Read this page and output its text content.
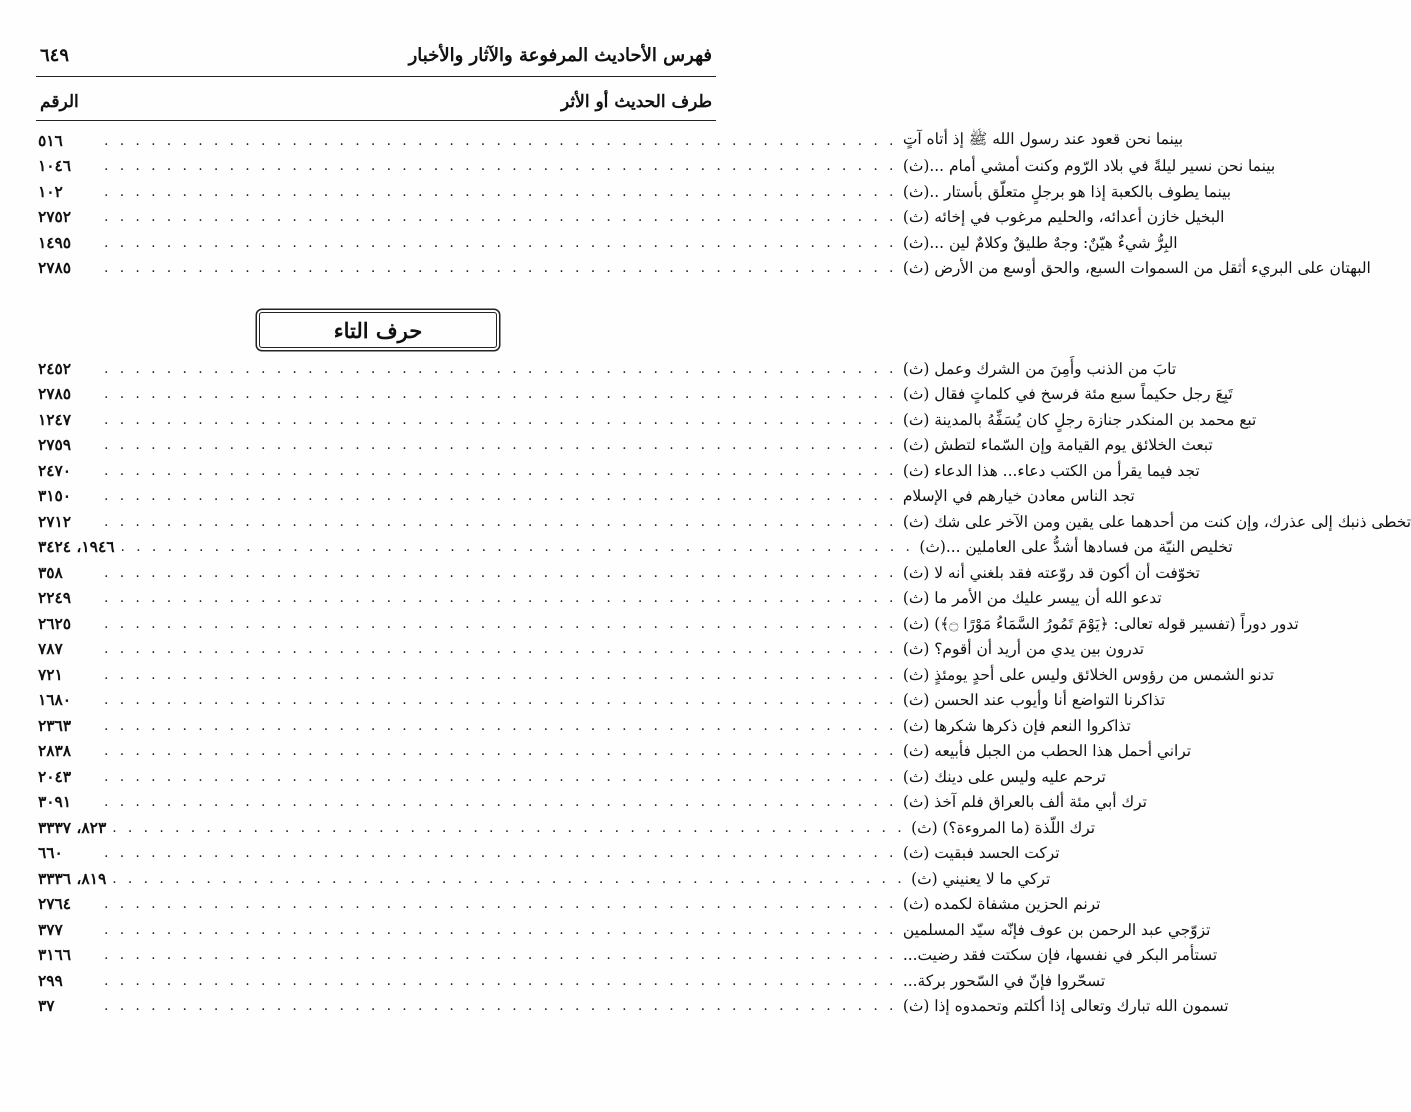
٦٤٩	فهرس الأحاديث المرفوعة والآثار والأخبار
الرقم	طرف الحديث أو الأثر
٥١٦	. . . . . . . . . . . . . . . . . . . . . . . . . . . . . . . . . . . . . . . . . . . . . . . . . . . بينما نحن قعود عند رسول الله ﷺ إذ أتاه آتٍ
١٠٤٦	. . . . . . . . . . . . . . . . . . . . . . . . . . . . . . . . . . . . . . . . . . . . . . . . . . . بينما نحن نسير ليلةً في بلاد الرّوم وكنت أمشي أمام ...(ث)
١٠٢	. . . . . . . . . . . . . . . . . . . . . . . . . . . . . . . . . . . . . . . . . . . . . . . . . . . بينما يطوف بالكعبة إذا هو برجلٍ متعلّق بأستار ..(ث)
٢٧٥٢	. . . . . . . . . . . . . . . . . . . . . . . . . . . . . . . . . . . . . . . . . . . . . . . . . . . البخيل خازن أعدائه، والحليم مرغوب في إخائه (ث)
١٤٩٥	. . . . . . . . . . . . . . . . . . . . . . . . . . . . . . . . . . . . . . . . . . . . . . . . . . . البِرُّ شيءٌ هيّنٌ: وجهٌ طليقٌ وكلامٌ لين ...(ث)
٢٧٨٥	. . . . . . . . . . . . . . . . . . . . . . . . . . . . . . . . . . . . . . . . . . . . . . . . . . . البهتان على البريء أثقل من السموات السبع، والحق أوسع من الأرض (ث)
حرف التاء
٢٤٥٢	. . . . . . . . . . . . . . . . . . . . . . . . . . . . . . . . . . . . . . . . . . . . . . . . . . . تابَ من الذنب وأَمِنَ من الشرك وعمل (ث)
٢٧٨٥	. . . . . . . . . . . . . . . . . . . . . . . . . . . . . . . . . . . . . . . . . . . . . . . . . . . تَبِعَ رجل حكيماً سبع مئة فرسخ في كلماتٍ فقال (ث)
١٢٤٧	. . . . . . . . . . . . . . . . . . . . . . . . . . . . . . . . . . . . . . . . . . . . . . . . . . . تبع محمد بن المنكدر جنازة رجلٍ كان يُسَفِّهُ بالمدينة (ث)
٢٧٥٩	. . . . . . . . . . . . . . . . . . . . . . . . . . . . . . . . . . . . . . . . . . . . . . . . . . . تبعث الخلائق يوم القيامة وإن السّماء لتطش (ث)
٢٤٧٠	. . . . . . . . . . . . . . . . . . . . . . . . . . . . . . . . . . . . . . . . . . . . . . . . . . . تجد فيما يقرأ من الكتب دعاء... هذا الدعاء (ث)
٣١٥٠	. . . . . . . . . . . . . . . . . . . . . . . . . . . . . . . . . . . . . . . . . . . . . . . . . . . تجد الناس معادن خيارهم في الإسلام
٢٧١٢	. . . . . . . . . . . . . . . . . . . . . . . . . . . . . . . . . . . . . . . . . . . . . . . . . . . تخطى ذنبك إلى عذرك، وإن كنت من أحدهما على يقين ومن الآخر على شك (ث)
١٩٤٦، ٣٤٢٤ . . . . . . . . . . . . . . . . . . . . . . . . . . . . . . . . . . . . . . . . . . . . . . . . . . . تخليص النيّة من فسادها أشدُّ على العاملين ...(ث)
٣٥٨	. . . . . . . . . . . . . . . . . . . . . . . . . . . . . . . . . . . . . . . . . . . . . . . . . . . تخوّفت أن أكون قد روّعته فقد بلغني أنه لا (ث)
٢٢٤٩	. . . . . . . . . . . . . . . . . . . . . . . . . . . . . . . . . . . . . . . . . . . . . . . . . . . تدعو الله أن ييسر عليك من الأمر ما (ث)
٢٦٢٥	. . . . . . . . . . . . . . . . . . . . . . . . . . . . . . . . . . . . . . . . . . . . . . . . . . . تدور دوراً (تفسير قوله تعالى: ﴿يَوْمَ تَمُورُ السَّمَاءُ مَوْرًا ۝﴾) (ث)
٧٨٧	. . . . . . . . . . . . . . . . . . . . . . . . . . . . . . . . . . . . . . . . . . . . . . . . . . . تدرون بين يدي من أريد أن أقوم؟ (ث)
٧٢١	. . . . . . . . . . . . . . . . . . . . . . . . . . . . . . . . . . . . . . . . . . . . . . . . . . . تدنو الشمس من رؤوس الخلائق وليس على أحدٍ يومئذٍ (ث)
١٦٨٠	. . . . . . . . . . . . . . . . . . . . . . . . . . . . . . . . . . . . . . . . . . . . . . . . . . . تذاكرنا التواضع أنا وأيوب عند الحسن (ث)
٢٣٦٣	. . . . . . . . . . . . . . . . . . . . . . . . . . . . . . . . . . . . . . . . . . . . . . . . . . . تذاكروا النعم فإن ذكرها شكرها (ث)
٢٨٣٨	. . . . . . . . . . . . . . . . . . . . . . . . . . . . . . . . . . . . . . . . . . . . . . . . . . . تراني أحمل هذا الحطب من الجبل فأبيعه (ث)
٢٠٤٣	. . . . . . . . . . . . . . . . . . . . . . . . . . . . . . . . . . . . . . . . . . . . . . . . . . . ترحم عليه وليس على دينك (ث)
٣٠٩١	. . . . . . . . . . . . . . . . . . . . . . . . . . . . . . . . . . . . . . . . . . . . . . . . . . . ترك أبي مئة ألف بالعراق فلم آخذ (ث)
٨٢٣، ٣٣٣٧ . . . . . . . . . . . . . . . . . . . . . . . . . . . . . . . . . . . . . . . . . . . . . . . . . . . ترك اللّذة (ما المروءة؟) (ث)
٦٦٠	. . . . . . . . . . . . . . . . . . . . . . . . . . . . . . . . . . . . . . . . . . . . . . . . . . . تركت الحسد فبقيت (ث)
٨١٩، ٣٣٣٦ . . . . . . . . . . . . . . . . . . . . . . . . . . . . . . . . . . . . . . . . . . . . . . . . . . . تركي ما لا يعنيني (ث)
٢٧٦٤	. . . . . . . . . . . . . . . . . . . . . . . . . . . . . . . . . . . . . . . . . . . . . . . . . . . ترنم الحزين مشفاة لكمده (ث)
٣٧٧	. . . . . . . . . . . . . . . . . . . . . . . . . . . . . . . . . . . . . . . . . . . . . . . . . . . تزوّجي عبد الرحمن بن عوف فإنّه سيّد المسلمين
٣١٦٦	. . . . . . . . . . . . . . . . . . . . . . . . . . . . . . . . . . . . . . . . . . . . . . . . . . . تستأمر البكر في نفسها، فإن سكتت فقد رضيت...
٢٩٩	. . . . . . . . . . . . . . . . . . . . . . . . . . . . . . . . . . . . . . . . . . . . . . . . . . . تسحّروا فإنّ في السّحور بركة...
٣٧	. . . . . . . . . . . . . . . . . . . . . . . . . . . . . . . . . . . . . . . . . . . . . . . . . . . تسمون الله تبارك وتعالى إذا أكلتم وتحمدوه إذا (ث)
